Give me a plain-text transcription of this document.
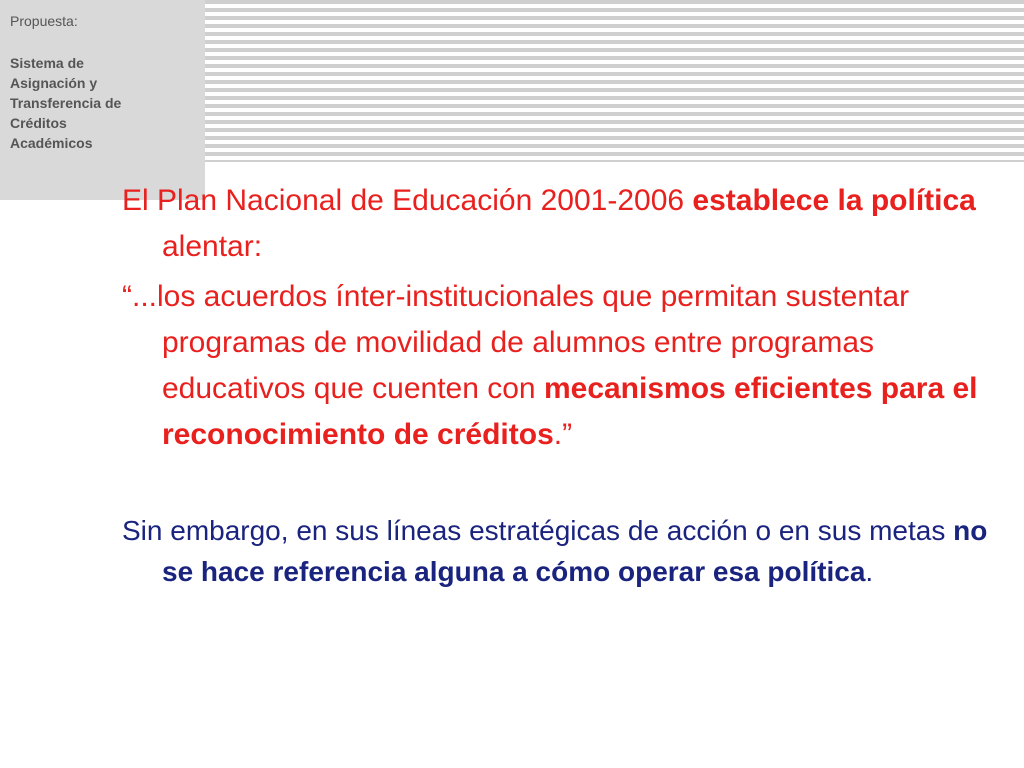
Propuesta:
Sistema de
Asignación y
Transferencia de
Créditos
Académicos

El Plan Nacional de Educación 2001-2006 establece la política alentar:

“...los acuerdos ínter-institucionales que permitan sustentar programas de movilidad de alumnos entre programas educativos que cuenten con mecanismos eficientes para el reconocimiento de créditos.”

Sin embargo, en sus líneas estratégicas de acción o en sus metas no se hace referencia alguna a cómo operar esa política.
